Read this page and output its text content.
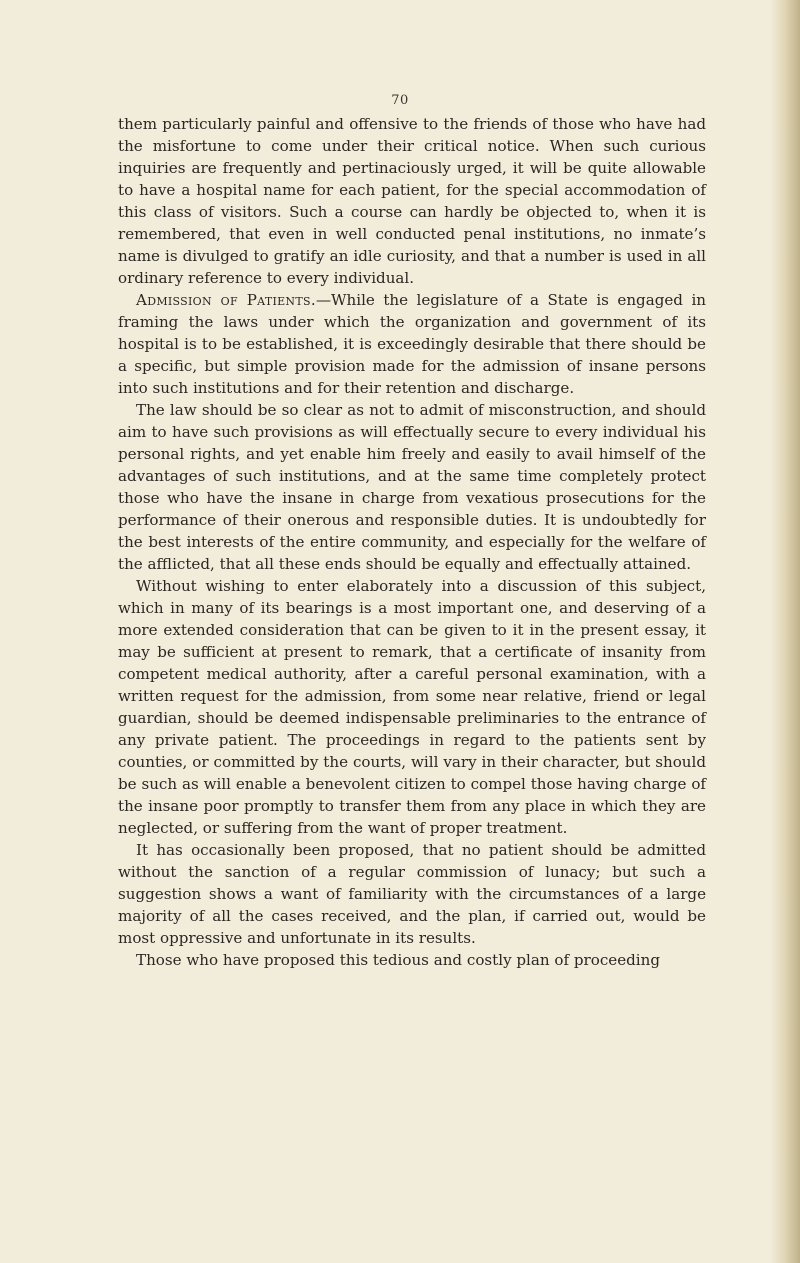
70

them particularly painful and offensive to the friends of those who have had the misfortune to come under their critical notice. When such curious inquiries are frequently and pertinaciously urged, it will be quite allowable to have a hospital name for each patient, for the special accommodation of this class of visitors. Such a course can hardly be objected to, when it is remembered, that even in well conducted penal institutions, no inmate’s name is divulged to gratify an idle curiosity, and that a number is used in all ordinary reference to every individual.

Admission of Patients.—While the legislature of a State is engaged in framing the laws under which the organization and government of its hospital is to be established, it is exceedingly desirable that there should be a specific, but simple provision made for the admission of insane persons into such institutions and for their retention and discharge.

The law should be so clear as not to admit of misconstruction, and should aim to have such provisions as will effectually secure to every individual his personal rights, and yet enable him freely and easily to avail himself of the advantages of such institutions, and at the same time completely protect those who have the insane in charge from vexatious prosecutions for the performance of their onerous and responsible duties. It is undoubtedly for the best interests of the entire community, and especially for the welfare of the afflicted, that all these ends should be equally and effectually attained.

Without wishing to enter elaborately into a discussion of this subject, which in many of its bearings is a most important one, and deserving of a more extended consideration that can be given to it in the present essay, it may be sufficient at present to remark, that a certificate of insanity from competent medical authority, after a careful personal examination, with a written request for the admission, from some near relative, friend or legal guardian, should be deemed indispensable preliminaries to the entrance of any private patient. The proceedings in regard to the patients sent by counties, or committed by the courts, will vary in their character, but should be such as will enable a benevolent citizen to compel those having charge of the insane poor promptly to transfer them from any place in which they are neglected, or suffering from the want of proper treatment.

It has occasionally been proposed, that no patient should be admitted without the sanction of a regular commission of lunacy; but such a suggestion shows a want of familiarity with the circumstances of a large majority of all the cases received, and the plan, if carried out, would be most oppressive and unfortunate in its results.

Those who have proposed this tedious and costly plan of proceeding
